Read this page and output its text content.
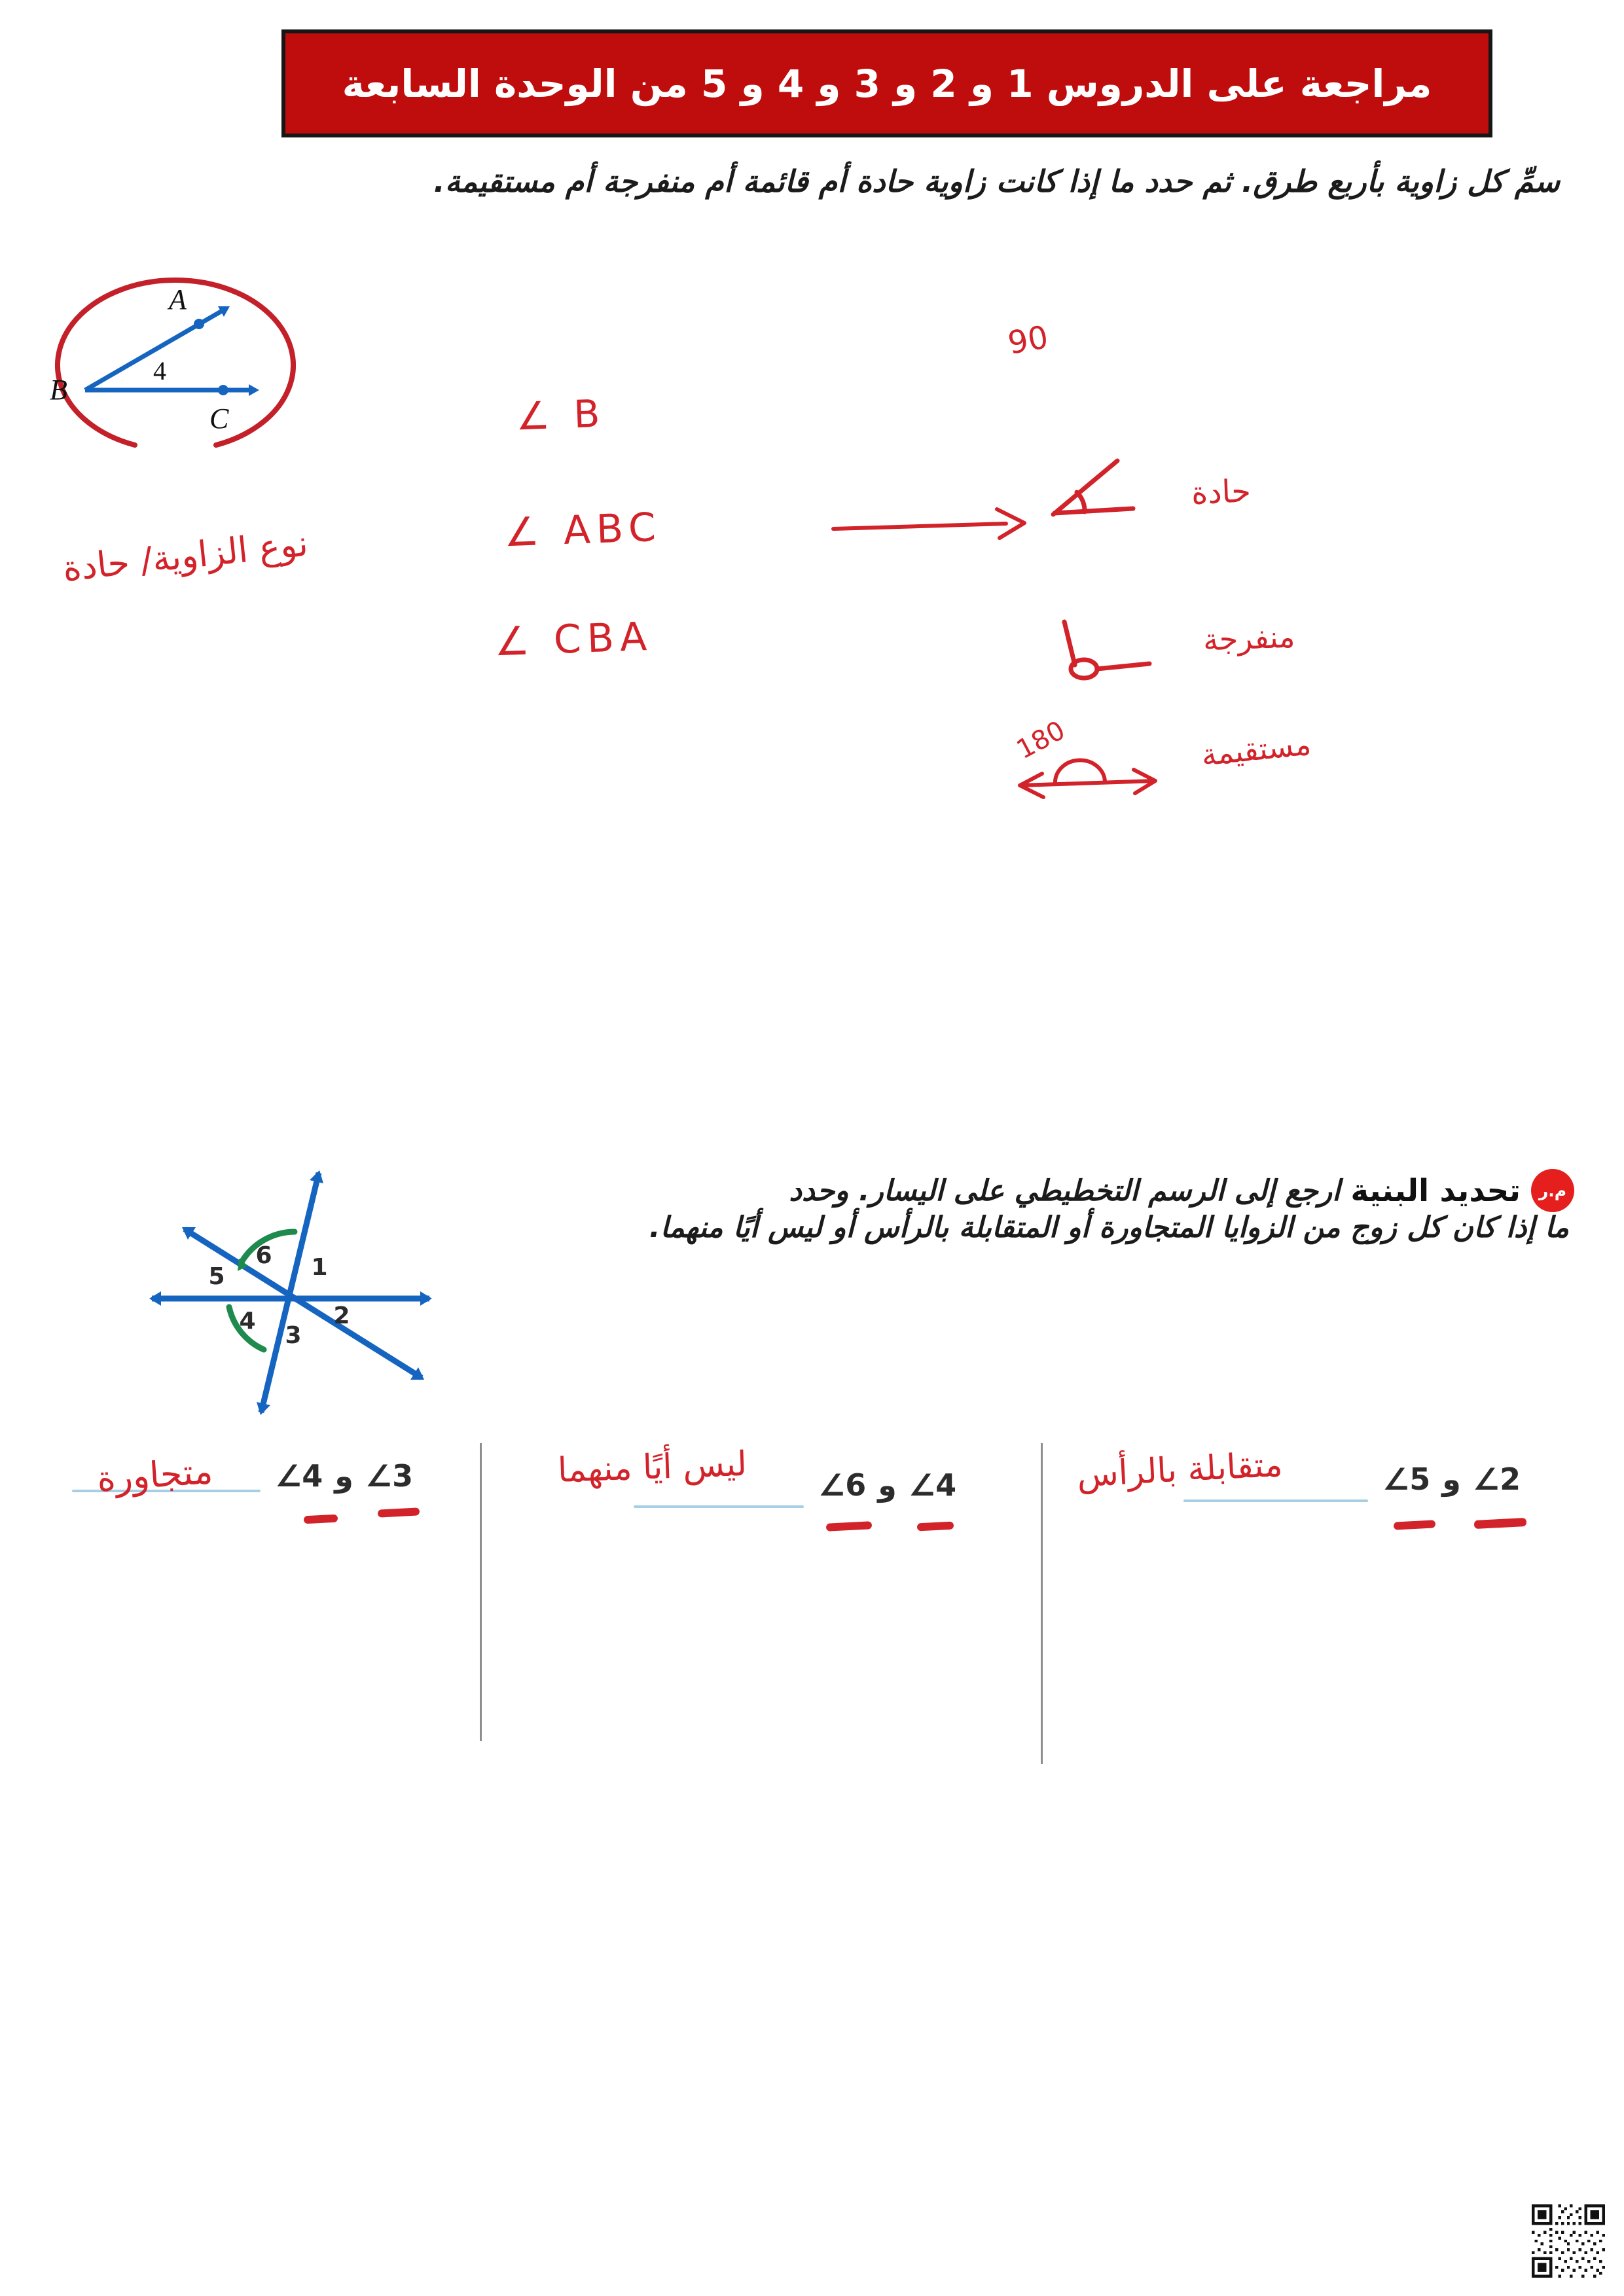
مراجعة على الدروس 1 و 2 و 3 و 4 و 5 من الوحدة السابعة
سمِّ كل زاوية بأربع طرق. ثم حدد ما إذا كانت زاوية حادة أم قائمة أم منفرجة أم مستقيمة.
A
B
C
4
∠ B
∠ ABC
∠ CBA
90
حادة
منفرجة
180	مستقيمة
نوع الزاوية/ حادة
م.ر
تحديد البنية
ارجع إلى الرسم التخطيطي على اليسار. وحدد
ما إذا كان كل زوج من الزوايا المتجاورة أو المتقابلة بالرأس أو ليس أيًا منهما.
6 1
5
2
3
4
∠2
و
∠5
متقابلة بالرأس
∠4
و
∠6
ليس أيًا منهما
∠3
و
∠4
متجاورة
